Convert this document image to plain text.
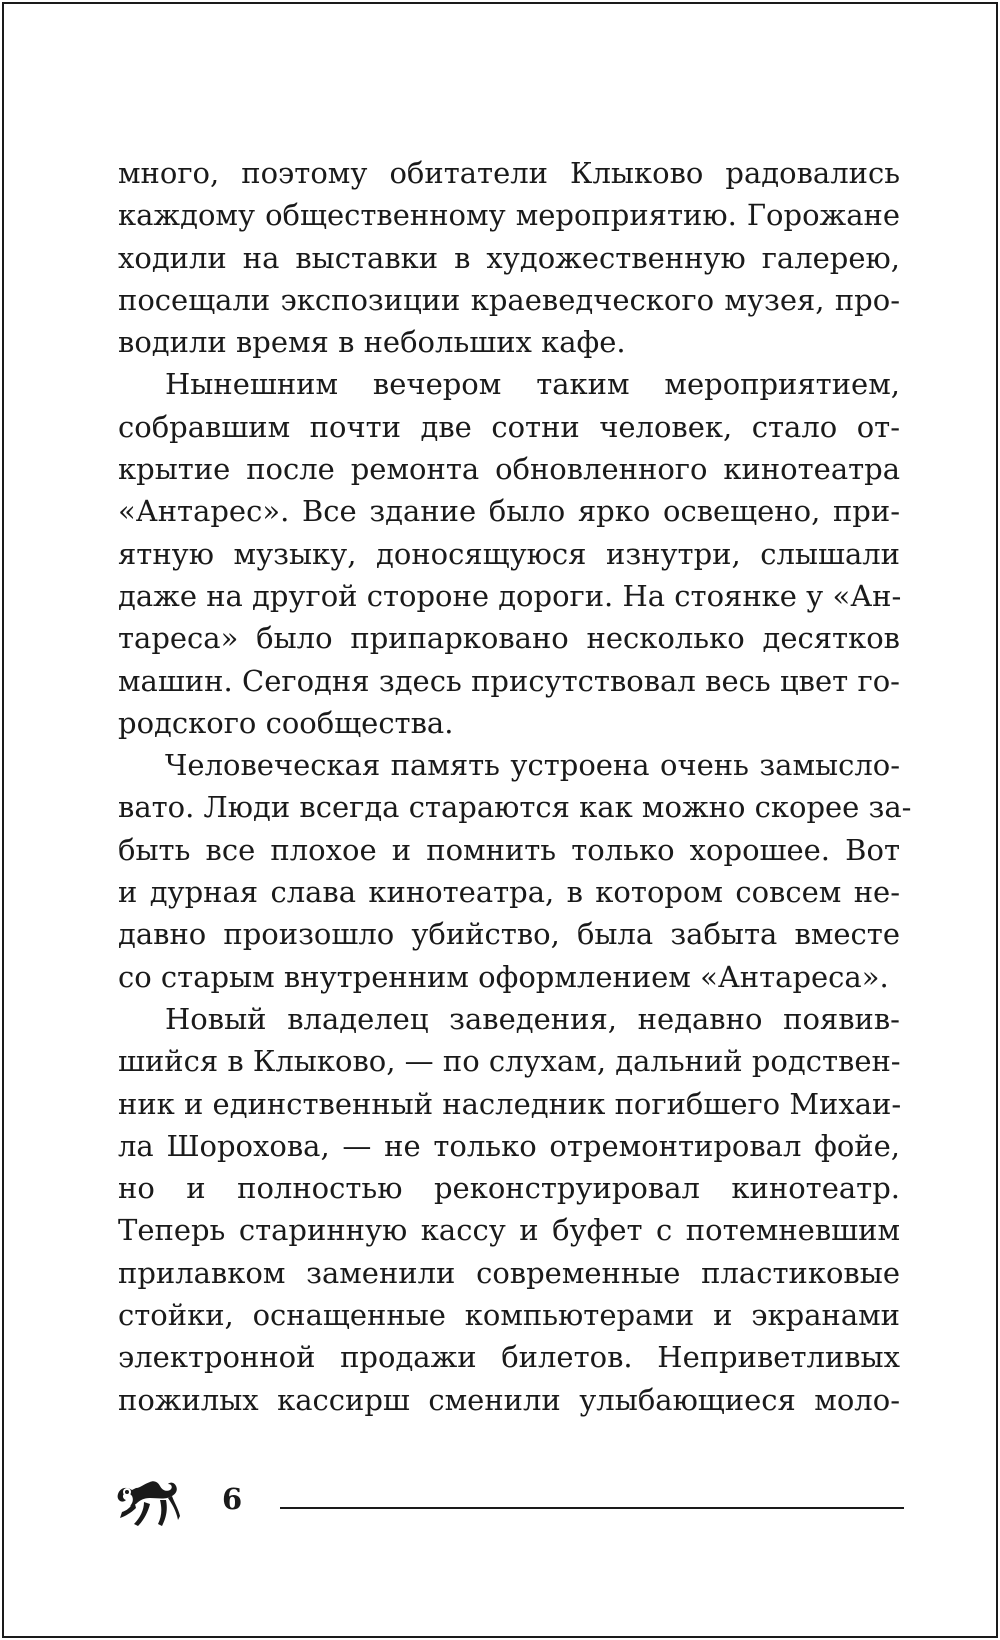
много, поэтому обитатели Клыково радовались
каждому общественному мероприятию. Горожане
ходили на выставки в художественную галерею,
посещали экспозиции краеведческого музея, про-
водили время в небольших кафе.

Нынешним вечером таким мероприятием,
собравшим почти две сотни человек, стало от-
крытие после ремонта обновленного кинотеатра
«Антарес». Все здание было ярко освещено, при-
ятную музыку, доносящуюся изнутри, слышали
даже на другой стороне дороги. На стоянке у «Ан-
тареса» было припарковано несколько десятков
машин. Сегодня здесь присутствовал весь цвет го-
родского сообщества.

Человеческая память устроена очень замысло-
вато. Люди всегда стараются как можно скорее за-
быть все плохое и помнить только хорошее. Вот
и дурная слава кинотеатра, в котором совсем не-
давно произошло убийство, была забыта вместе
со старым внутренним оформлением «Антареса».

Новый владелец заведения, недавно появив-
шийся в Клыково, — по слухам, дальний родствен-
ник и единственный наследник погибшего Михаи-
ла Шорохова, — не только отремонтировал фойе,
но и полностью реконструировал кинотеатр.
Теперь старинную кассу и буфет с потемневшим
прилавком заменили современные пластиковые
стойки, оснащенные компьютерами и экранами
электронной продажи билетов. Неприветливых
пожилых кассирш сменили улыбающиеся моло-

6
